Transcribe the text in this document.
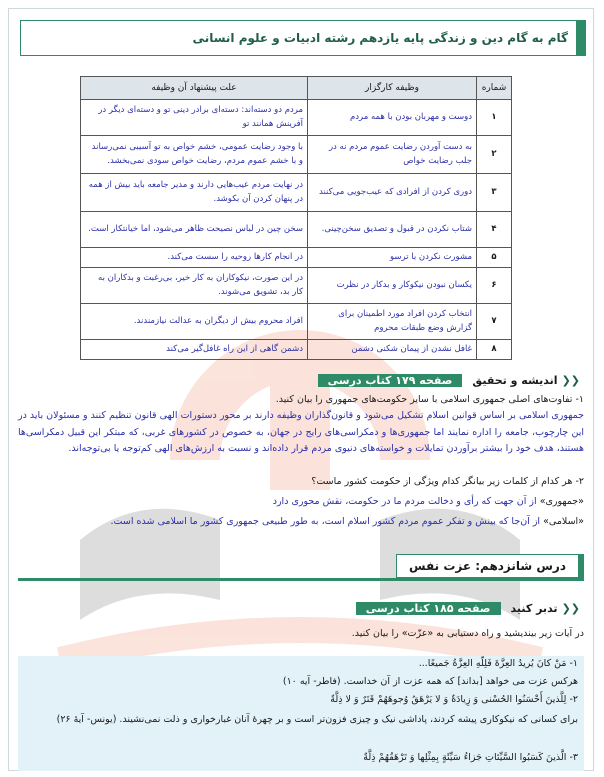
گام به گام دین و زندگی پایه یازدهم رشته ادبیات و علوم انسانی
شماره	وظیفه کارگزار	علت پیشنهاد آن وظیفه
۱	دوست و مهربان بودن با همه مردم	مردم دو دسته‌اند: دسته‌ای برادر دینی تو و دسته‌ای دیگر در آفرینش همانند تو
۲	به دست آوردن رضایت عموم مردم نه در جلب رضایت خواص	با وجود رضایت عمومی، خشم خواص به تو آسیبی نمی‌رساند و با خشم عموم مردم، رضایت خواص سودی نمی‌بخشد.
۳	دوری کردن از افرادی که عیب‌جویی می‌کنند	در نهایت مردم عیب‌هایی دارند و مدیر جامعه باید بیش از همه در پنهان کردن آن بکوشد.
۴	شتاب نکردن در قبول و تصدیق سخن‌چینی.	سخن چین در لباس نصیحت ظاهر می‌شود، اما خیانتکار است.
۵	مشورت نکردن با ترسو	در انجام کارها روحیه را سست می‌کند.
۶	یکسان نبودن نیکوکار و بدکار در نظرت	در این صورت، نیکوکاران به کار خیر، بی‌رغبت و بدکاران به کار بد، تشویق می‌شوند.
۷	انتخاب کردن افراد مورد اطمینان برای گزارش وضع طبقات محروم	افراد محروم بیش از دیگران به عدالت نیازمندند.
۸	غافل نشدن از پیمان شکنی دشمن	دشمن گاهی از این راه غافل‌گیر می‌کند
❮❮
اندیشه و تحقیق
صفحه ۱۷۹ کتاب درسی
۱- تفاوت‌های اصلی جمهوری اسلامی با سایر حکومت‌های جمهوری را بیان کنید.
جمهوری اسلامی بر اساس قوانین اسلام تشکیل می‌شود و قانون‌گذاران وظیفه دارند بر محور دستورات الهی قانون تنظیم کنند و مسئولان باید در این چارچوب، جامعه را اداره نمایند اما جمهوری‌ها و دمکراسی‌های رایج در جهان، به خصوص در کشورهای غربی، که مبتکر این قبیل دمکراسی‌ها هستند، هدف خود را بیشتر برآوردن تمایلات و خواسته‌های دنیوی مردم قرار داده‌اند و نسبت به ارزش‌های الهی کم‌توجه یا بی‌توجه‌اند.
۲- هر کدام از کلمات زیر بیانگر کدام ویژگی از حکومت کشور ماست؟
«جمهوری» از آن جهت که رأی و دخالت مردم ما در حکومت، نقش محوری دارد
«اسلامی» از آن‌جا که بینش و تفکر عموم مردم کشور اسلام است، به طور طبیعی جمهوری کشور ما اسلامی شده است.
درس شانزدهم: عزت نفس
❮❮
تدبر کنید
صفحه ۱۸۵ کتاب درسی
در آیات زیر بیندیشید و راه دستیابی به «عزّت» را بیان کنید.
۱- مَنْ كانَ يُريدُ العِزَّةَ فَلِلّهِ العِزَّةُ جَميعًا...
هرکس عزت می خواهد [بداند] که همه عزت از آن خداست. (فاطر- آیه ۱۰)
۲- لِلَّذينَ أَحْسَنُوا الحُسْنی وَ زِيادَةٌ وَ لا يَرْهَقُ وُجوهَهُمْ قَتَرٌ وَ لا ذِلَّةٌ
برای کسانی که نیکوکاری پیشه کردند، پاداشی نیک و چیزی فزون‌تر است و بر چهرهٔ آنان غبارخواری و ذلت نمی‌نشیند. (یونس- آیهٔ ۲۶)
۳- الَّذينَ كَسَبُوا السَّيِّئاتِ جَزاءُ سَيِّئَةٍ بِمِثْلِها وَ تَرْهَقُهُمْ ذِلَّةٌ
